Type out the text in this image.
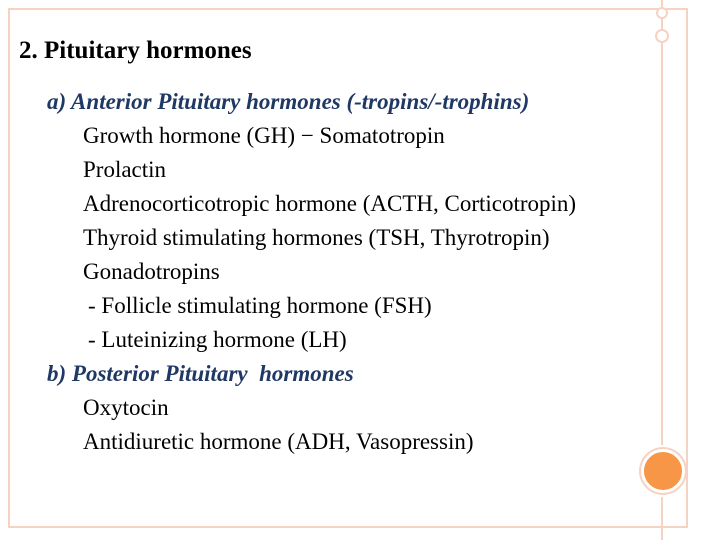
2. Pituitary hormones
a) Anterior Pituitary hormones (-tropins/-trophins)
Growth hormone (GH) − Somatotropin
Prolactin
Adrenocorticotropic hormone (ACTH, Corticotropin)
Thyroid stimulating hormones (TSH, Thyrotropin)
Gonadotropins
- Follicle stimulating hormone (FSH)
- Luteinizing hormone (LH)
b) Posterior Pituitary  hormones
Oxytocin
Antidiuretic hormone (ADH, Vasopressin)
